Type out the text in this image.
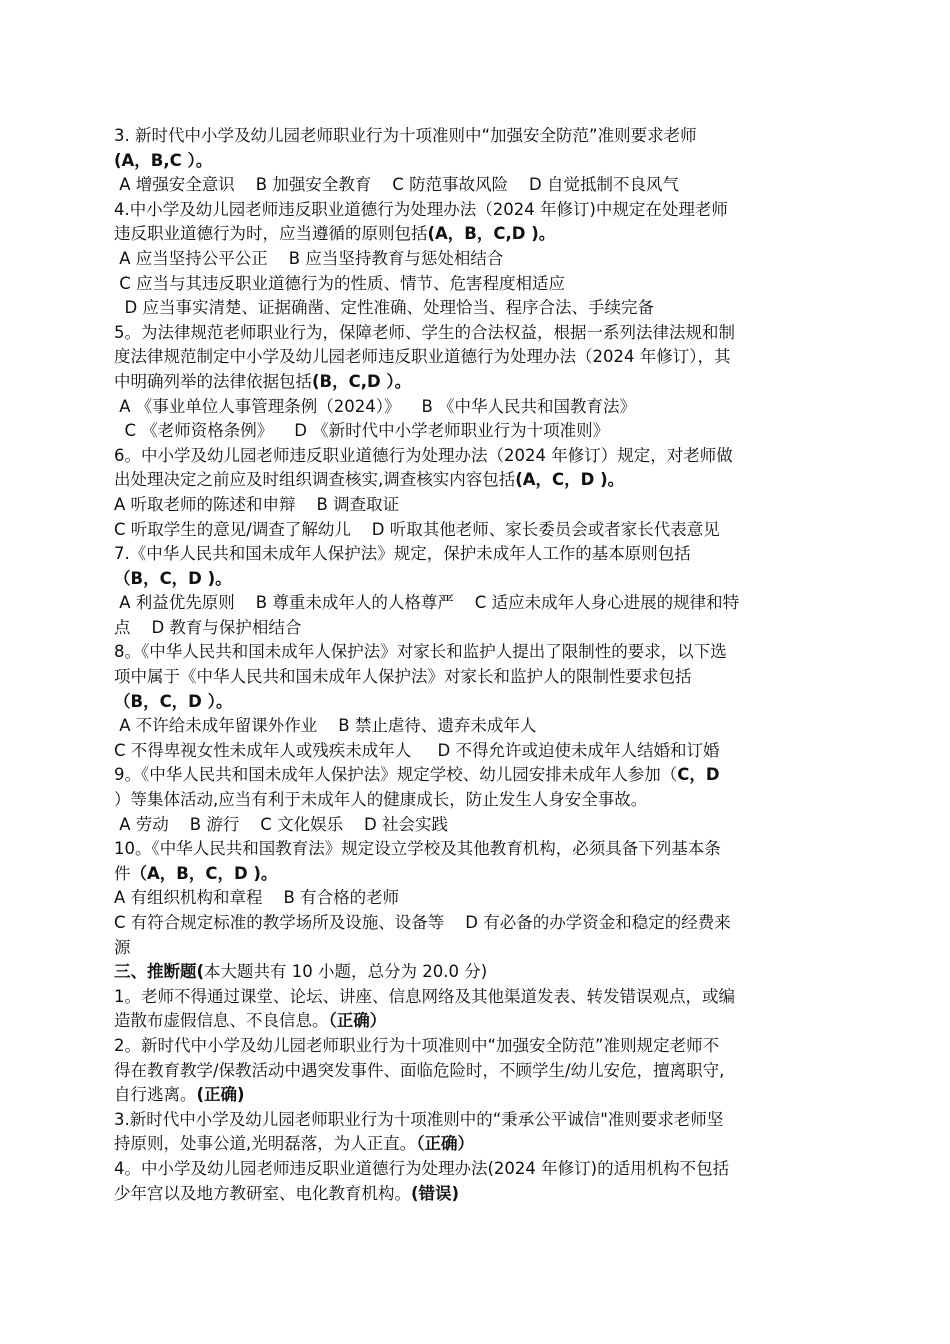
3. 新时代中小学及幼儿园老师职业行为十项准则中“加强安全防范”准则要求老师
(A，B,C ）。
A 增强安全意识    B 加强安全教育    C 防范事故风险    D 自觉抵制不良风气
4.中小学及幼儿园老师违反职业道德行为处理办法（2024 年修订)中规定在处理老师
违反职业道德行为时，应当遵循的原则包括(A，B，C,D )。
A 应当坚持公平公正    B 应当坚持教育与惩处相结合
C 应当与其违反职业道德行为的性质、情节、危害程度相适应
D 应当事实清楚、证据确凿、定性准确、处理恰当、程序合法、手续完备
5。为法律规范老师职业行为，保障老师、学生的合法权益，根据一系列法律法规和制
度法律规范制定中小学及幼儿园老师违反职业道德行为处理办法（2024 年修订），其
中明确列举的法律依据包括(B，C,D ）。
A 《事业单位人事管理条例（2024）》    B 《中华人民共和国教育法》
C 《老师资格条例》    D 《新时代中小学老师职业行为十项准则》
6。中小学及幼儿园老师违反职业道德行为处理办法（2024 年修订）规定，对老师做
出处理决定之前应及时组织调查核实,调查核实内容包括(A，C，D )。
A 听取老师的陈述和申辩    B 调查取证
C 听取学生的意见/调查了解幼儿    D 听取其他老师、家长委员会或者家长代表意见
7.《中华人民共和国未成年人保护法》规定，保护未成年人工作的基本原则包括
（B，C，D )。
A 利益优先原则    B 尊重未成年人的人格尊严    C 适应未成年人身心进展的规律和特
点    D 教育与保护相结合
8。《中华人民共和国未成年人保护法》对家长和监护人提出了限制性的要求，以下选
项中属于《中华人民共和国未成年人保护法》对家长和监护人的限制性要求包括
（B，C，D ）。
A 不许给未成年留课外作业    B 禁止虐待、遗弃未成年人
C 不得卑视女性未成年人或残疾未成年人     D 不得允许或迫使未成年人结婚和订婚
9。《中华人民共和国未成年人保护法》规定学校、幼儿园安排未成年人参加（C，D
）等集体活动,应当有利于未成年人的健康成长，防止发生人身安全事故。
A 劳动    B 游行    C 文化娱乐    D 社会实践
10。《中华人民共和国教育法》规定设立学校及其他教育机构，必须具备下列基本条
件（A，B，C，D )。
A 有组织机构和章程    B 有合格的老师
C 有符合规定标准的教学场所及设施、设备等    D 有必备的办学资金和稳定的经费来
源
三、推断题(本大题共有 10 小题，总分为 20.0 分)
1。老师不得通过课堂、论坛、讲座、信息网络及其他渠道发表、转发错误观点，或编
造散布虚假信息、不良信息。（正确）
2。新时代中小学及幼儿园老师职业行为十项准则中“加强安全防范”准则规定老师不
得在教育教学/保教活动中遇突发事件、面临危险时，不顾学生/幼儿安危，擅离职守,
自行逃离。(正确)
3.新时代中小学及幼儿园老师职业行为十项准则中的“秉承公平诚信"准则要求老师坚
持原则，处事公道,光明磊落，为人正直。（正确）
4。中小学及幼儿园老师违反职业道德行为处理办法(2024 年修订)的适用机构不包括
少年宫以及地方教研室、电化教育机构。(错误)
